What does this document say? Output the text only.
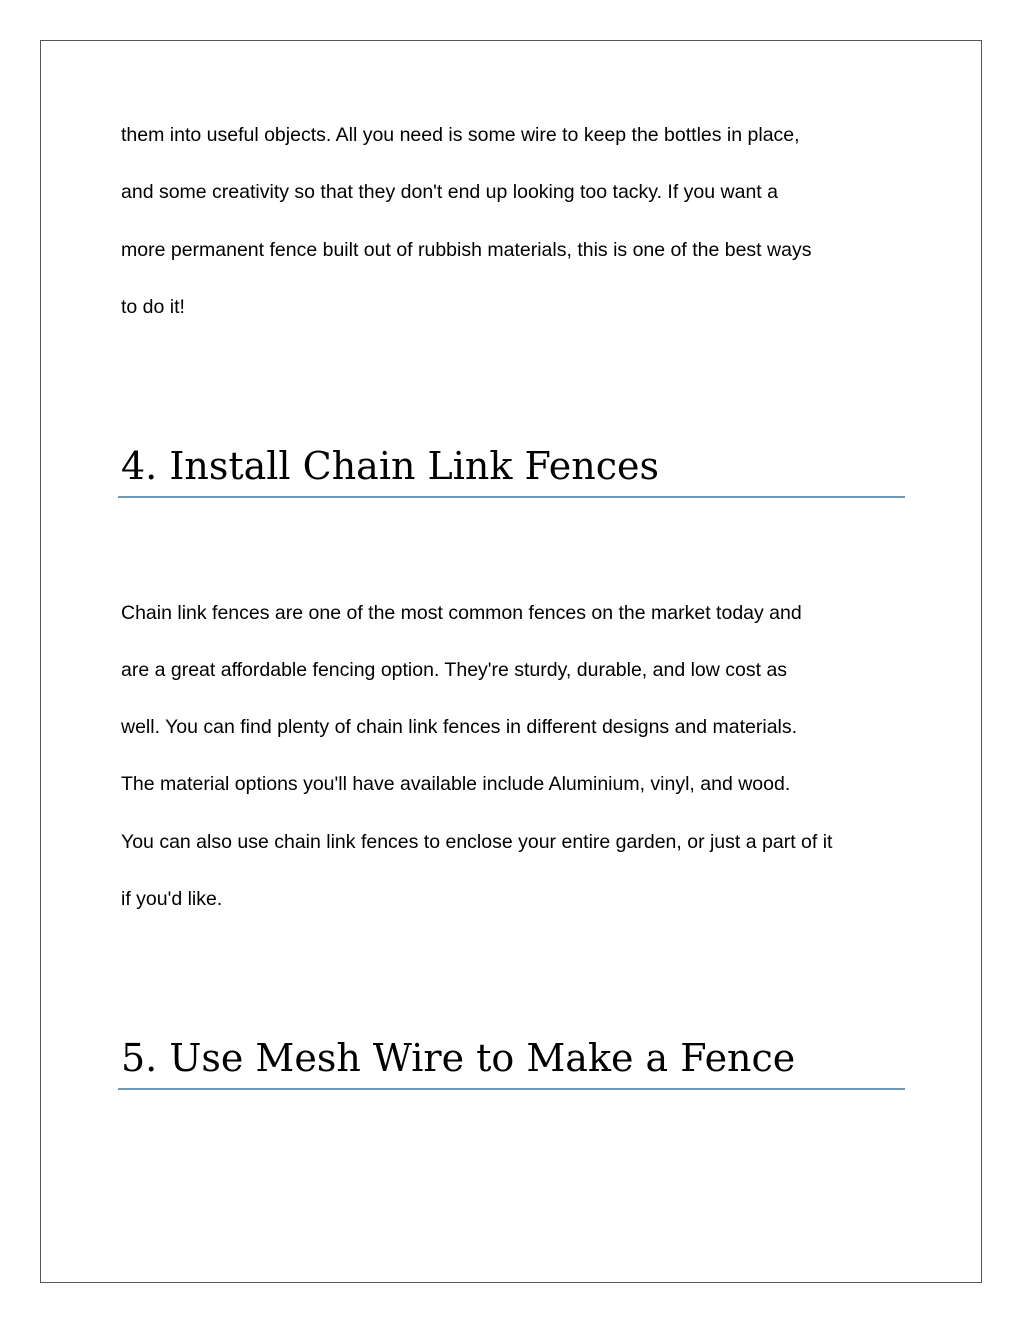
them into useful objects. All you need is some wire to keep the bottles in place,
and some creativity so that they don't end up looking too tacky. If you want a
more permanent fence built out of rubbish materials, this is one of the best ways
to do it!
4. Install Chain Link Fences
Chain link fences are one of the most common fences on the market today and
are a great affordable fencing option. They're sturdy, durable, and low cost as
well. You can find plenty of chain link fences in different designs and materials.
The material options you'll have available include Aluminium, vinyl, and wood.
You can also use chain link fences to enclose your entire garden, or just a part of it
if you'd like.
5. Use Mesh Wire to Make a Fence
